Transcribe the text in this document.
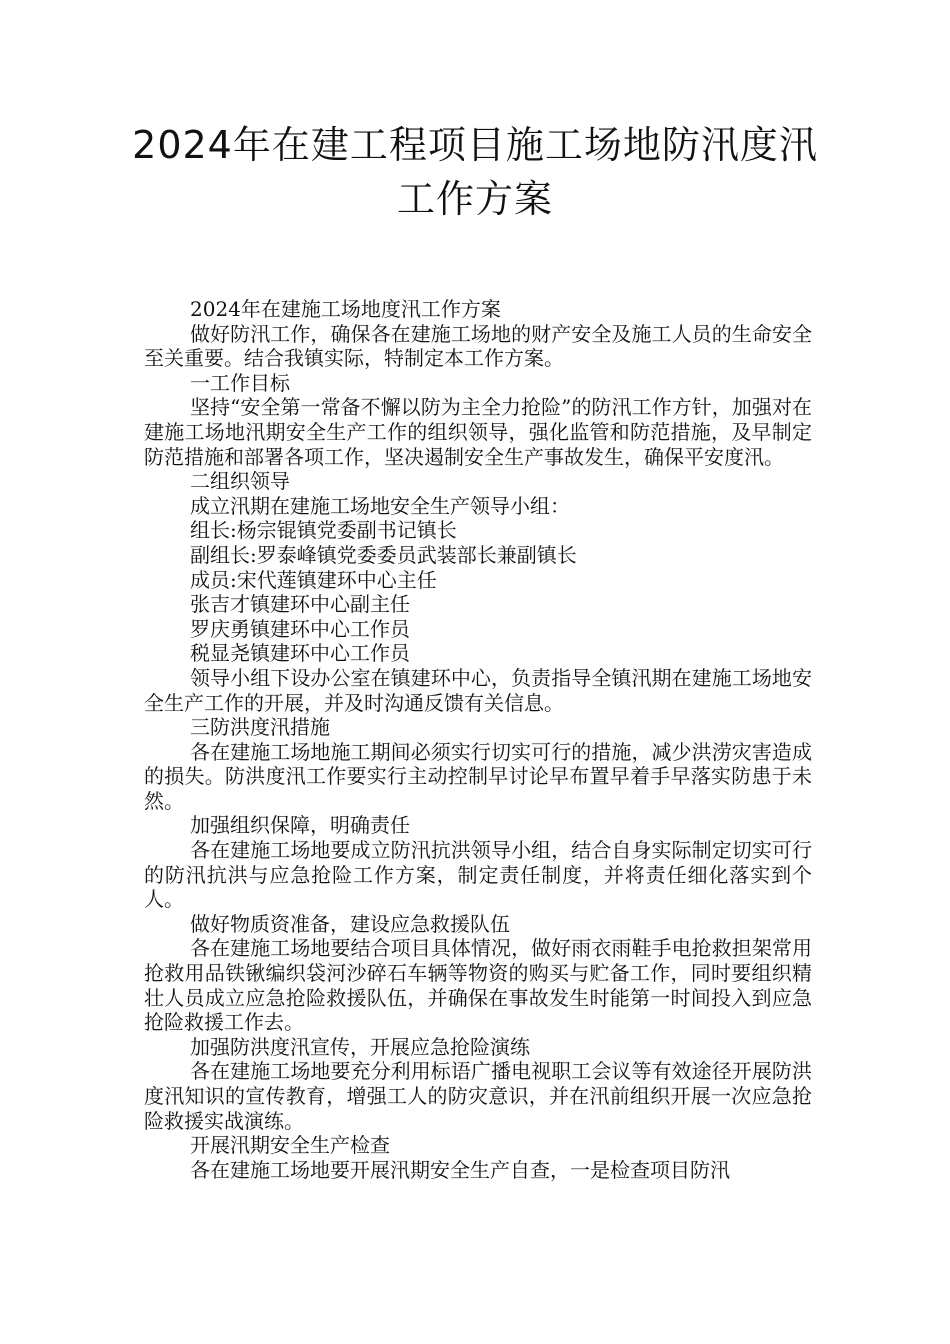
2024年在建工程项目施工场地防汛度汛
工作方案

2024年在建施工场地度汛工作方案

做好防汛工作，确保各在建施工场地的财产安全及施工人员的生命安全至关重要。结合我镇实际，特制定本工作方案。

一工作目标

坚持“安全第一常备不懈以防为主全力抢险”的防汛工作方针，加强对在建施工场地汛期安全生产工作的组织领导，强化监管和防范措施，及早制定防范措施和部署各项工作，坚决遏制安全生产事故发生，确保平安度汛。

二组织领导

成立汛期在建施工场地安全生产领导小组：

组长:杨宗锟镇党委副书记镇长

副组长:罗泰峰镇党委委员武装部长兼副镇长

成员:宋代莲镇建环中心主任

张吉才镇建环中心副主任

罗庆勇镇建环中心工作员

税显尧镇建环中心工作员

领导小组下设办公室在镇建环中心，负责指导全镇汛期在建施工场地安全生产工作的开展，并及时沟通反馈有关信息。

三防洪度汛措施

各在建施工场地施工期间必须实行切实可行的措施，减少洪涝灾害造成的损失。防洪度汛工作要实行主动控制早讨论早布置早着手早落实防患于未然。

加强组织保障，明确责任

各在建施工场地要成立防汛抗洪领导小组，结合自身实际制定切实可行的防汛抗洪与应急抢险工作方案，制定责任制度，并将责任细化落实到个人。

做好物质资准备，建设应急救援队伍

各在建施工场地要结合项目具体情况，做好雨衣雨鞋手电抢救担架常用抢救用品铁锹编织袋河沙碎石车辆等物资的购买与贮备工作，同时要组织精壮人员成立应急抢险救援队伍，并确保在事故发生时能第一时间投入到应急抢险救援工作去。

加强防洪度汛宣传，开展应急抢险演练

各在建施工场地要充分利用标语广播电视职工会议等有效途径开展防洪度汛知识的宣传教育，增强工人的防灾意识，并在汛前组织开展一次应急抢险救援实战演练。

开展汛期安全生产检查

各在建施工场地要开展汛期安全生产自查，一是检查项目防汛
